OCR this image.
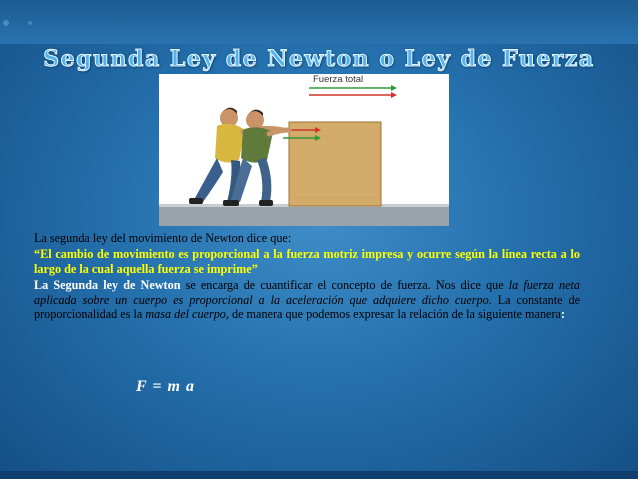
Segunda Ley de Newton o Ley de Fuerza
Fuerza total

La segunda ley del movimiento de Newton dice que:

“El cambio de movimiento es proporcional a la fuerza motriz impresa y ocurre según la línea recta a lo largo de la cual aquella fuerza se imprime”

La Segunda ley de Newton se encarga de cuantificar el concepto de fuerza. Nos dice que la fuerza neta aplicada sobre un cuerpo es proporcional a la aceleración que adquiere dicho cuerpo. La constante de proporcionalidad es la masa del cuerpo, de manera que podemos expresar la relación de la siguiente manera:

F = m a
